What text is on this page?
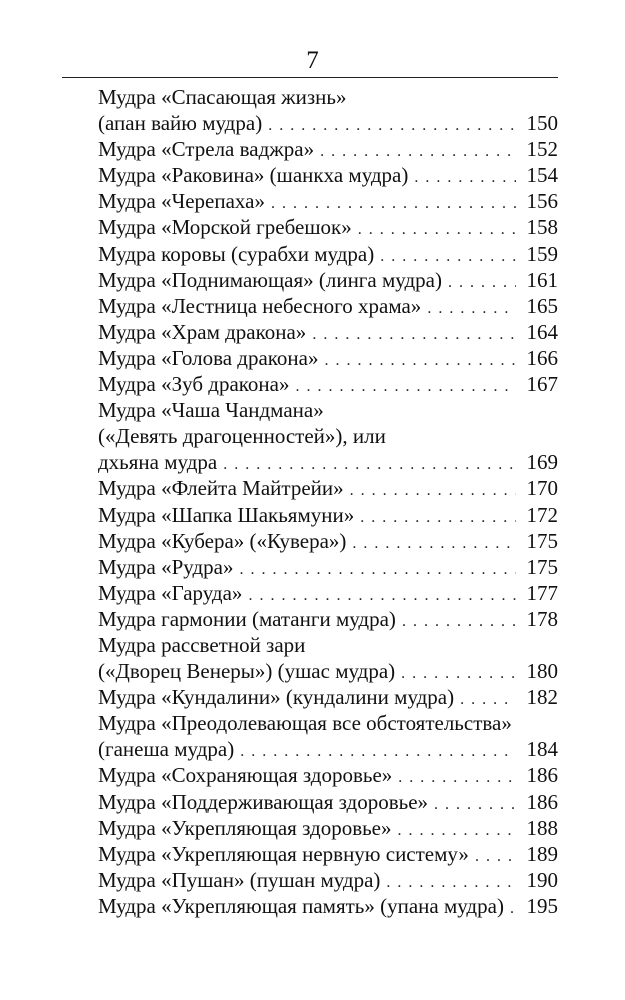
7
Мудра «Спасающая жизнь»
(апан вайю мудра) . . .	150
Мудра «Стрела ваджра» . . .	152
Мудра «Раковина» (шанкха мудра) . . .	154
Мудра «Черепаха» . . .	156
Мудра «Морской гребешок» . . .	158
Мудра коровы (сурабхи мудра) . . .	159
Мудра «Поднимающая» (линга мудра) . . .	161
Мудра «Лестница небесного храма» . . .	165
Мудра «Храм дракона» . . .	164
Мудра «Голова дракона» . . .	166
Мудра «Зуб дракона» . . .	167
Мудра «Чаша Чандмана»
(«Девять драгоценностей»), или
дхьяна мудра . . .	169
Мудра «Флейта Майтрейи» . . .	170
Мудра «Шапка Шакьямуни» . . .	172
Мудра «Кубера» («Кувера») . . .	175
Мудра «Рудра» . . .	175
Мудра «Гаруда» . . .	177
Мудра гармонии (матанги мудра) . . .	178
Мудра рассветной зари
(«Дворец Венеры») (ушас мудра) . . .	180
Мудра «Кундалини» (кундалини мудра) . . .	182
Мудра «Преодолевающая все обстоятельства»
(ганеша мудра) . . .	184
Мудра «Сохраняющая здоровье» . . .	186
Мудра «Поддерживающая здоровье» . . .	186
Мудра «Укрепляющая здоровье» . . .	188
Мудра «Укрепляющая нервную систему» . . .	189
Мудра «Пушан» (пушан мудра) . . .	190
Мудра «Укрепляющая память» (упана мудра) . . . 195
